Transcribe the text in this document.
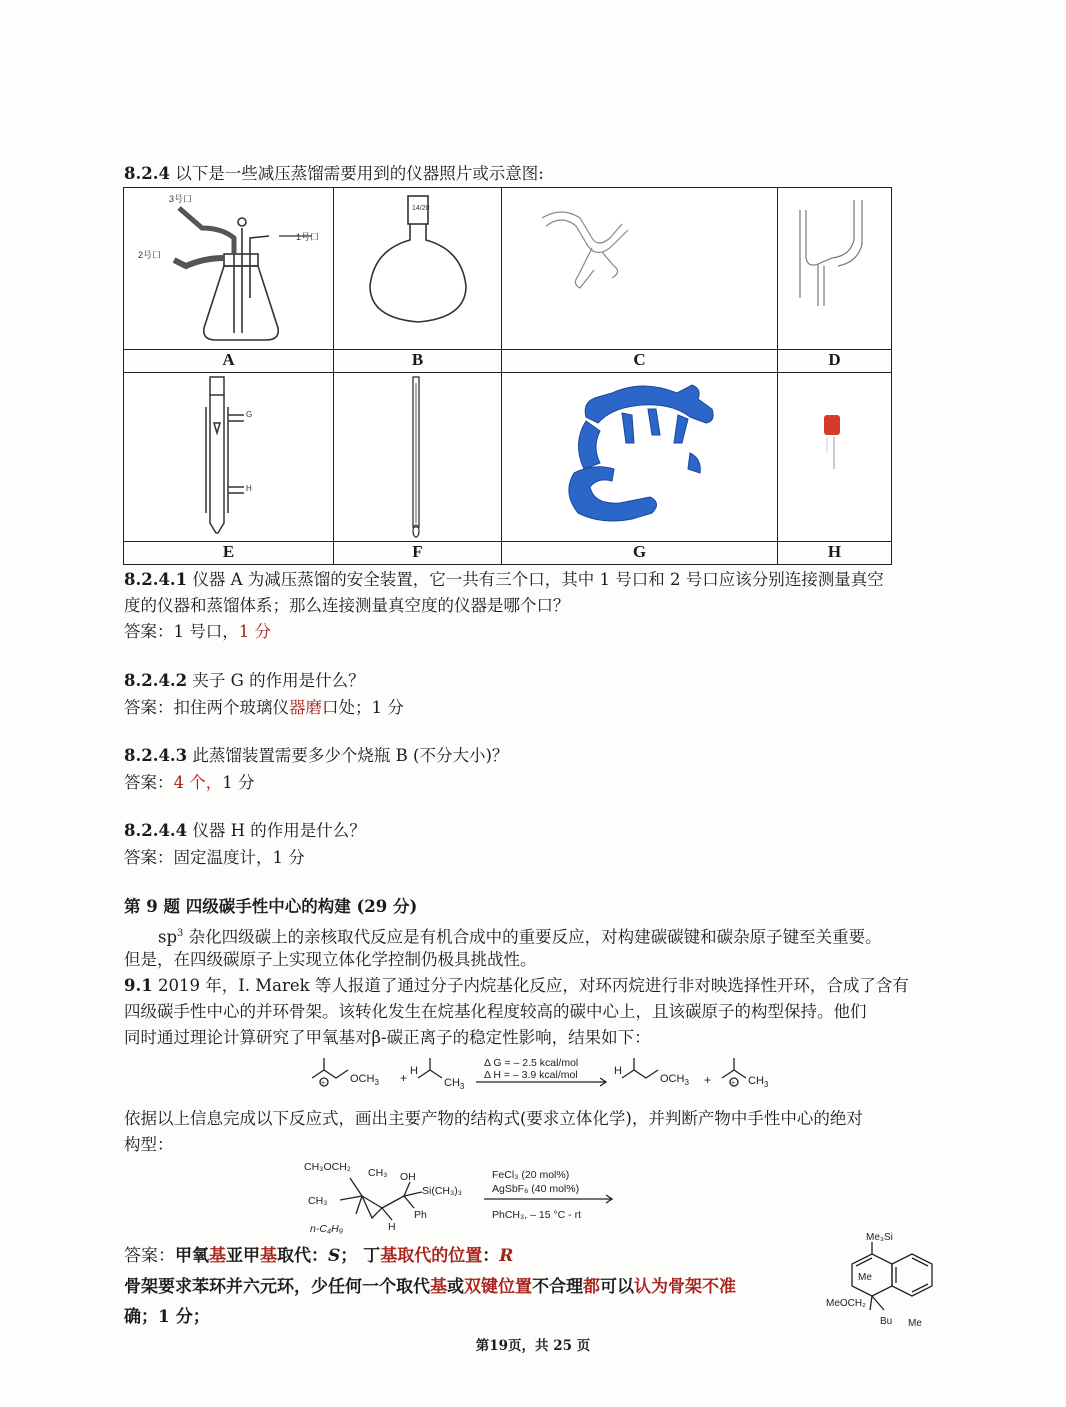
8.2.4 以下是一些减压蒸馏需要用到的仪器照片或示意图:
3号口
2号口
1号口
14/20
A	B	C	D
G
H
E	F	G	H
8.2.4.1 仪器 A 为减压蒸馏的安全装置，它一共有三个口，其中 1 号口和 2 号口应该分别连接测量真空
度的仪器和蒸馏体系；那么连接测量真空度的仪器是哪个口？
答案：1 号口，1 分
8.2.4.2 夹子 G 的作用是什么？
答案：扣住两个玻璃仪器磨口处；1 分
8.2.4.3 此蒸馏装置需要多少个烧瓶 B (不分大小)？
答案：4 个，1 分
8.2.4.4 仪器 H 的作用是什么？
答案：固定温度计，1 分
第 9 题 四级碳手性中心的构建 (29 分)
$sp^3$ 杂化四级碳上的亲核取代反应是有机合成中的重要反应，对构建碳碳键和碳杂原子键至关重要。
但是，在四级碳原子上实现立体化学控制仍极具挑战性。
9.1 2019 年，I. Marek 等人报道了通过分子内烷基化反应，对环丙烷进行非对映选择性开环，合成了含有
四级碳手性中心的并环骨架。该转化发生在烷基化程度较高的碳中心上，且该碳原子的构型保持。他们
同时通过理论计算研究了甲氧基对β-碳正离子的稳定性影响，结果如下：
+ $OCH_3 + H$
$CH_3$
Δ G = – 2.5 kcal/mol
Δ H = – 3.9 kcal/mol	H
$OCH_3$ +	+ $CH_3$
依据以上信息完成以下反应式，画出主要产物的结构式(要求立体化学)，并判断产物中手性中心的绝对
构型：
CH₃OCH₂ CH₃
CH₃
OH
Si(CH₃)₃
Ph
H
n-C₄H₉
FeCl₃ (20 mol%)
AgSbF₆ (40 mol%)
PhCH₃, – 15 °C - rt
答案：甲氧基亚甲基取代：S； 丁基取代的位置：R
骨架要求苯环并六元环，少任何一个取代基或双键位置不合理都可以认为骨架不准
确；1 分；
Me₃Si
Me
MeOCH₂
Bu Me
第19页，共 25 页
